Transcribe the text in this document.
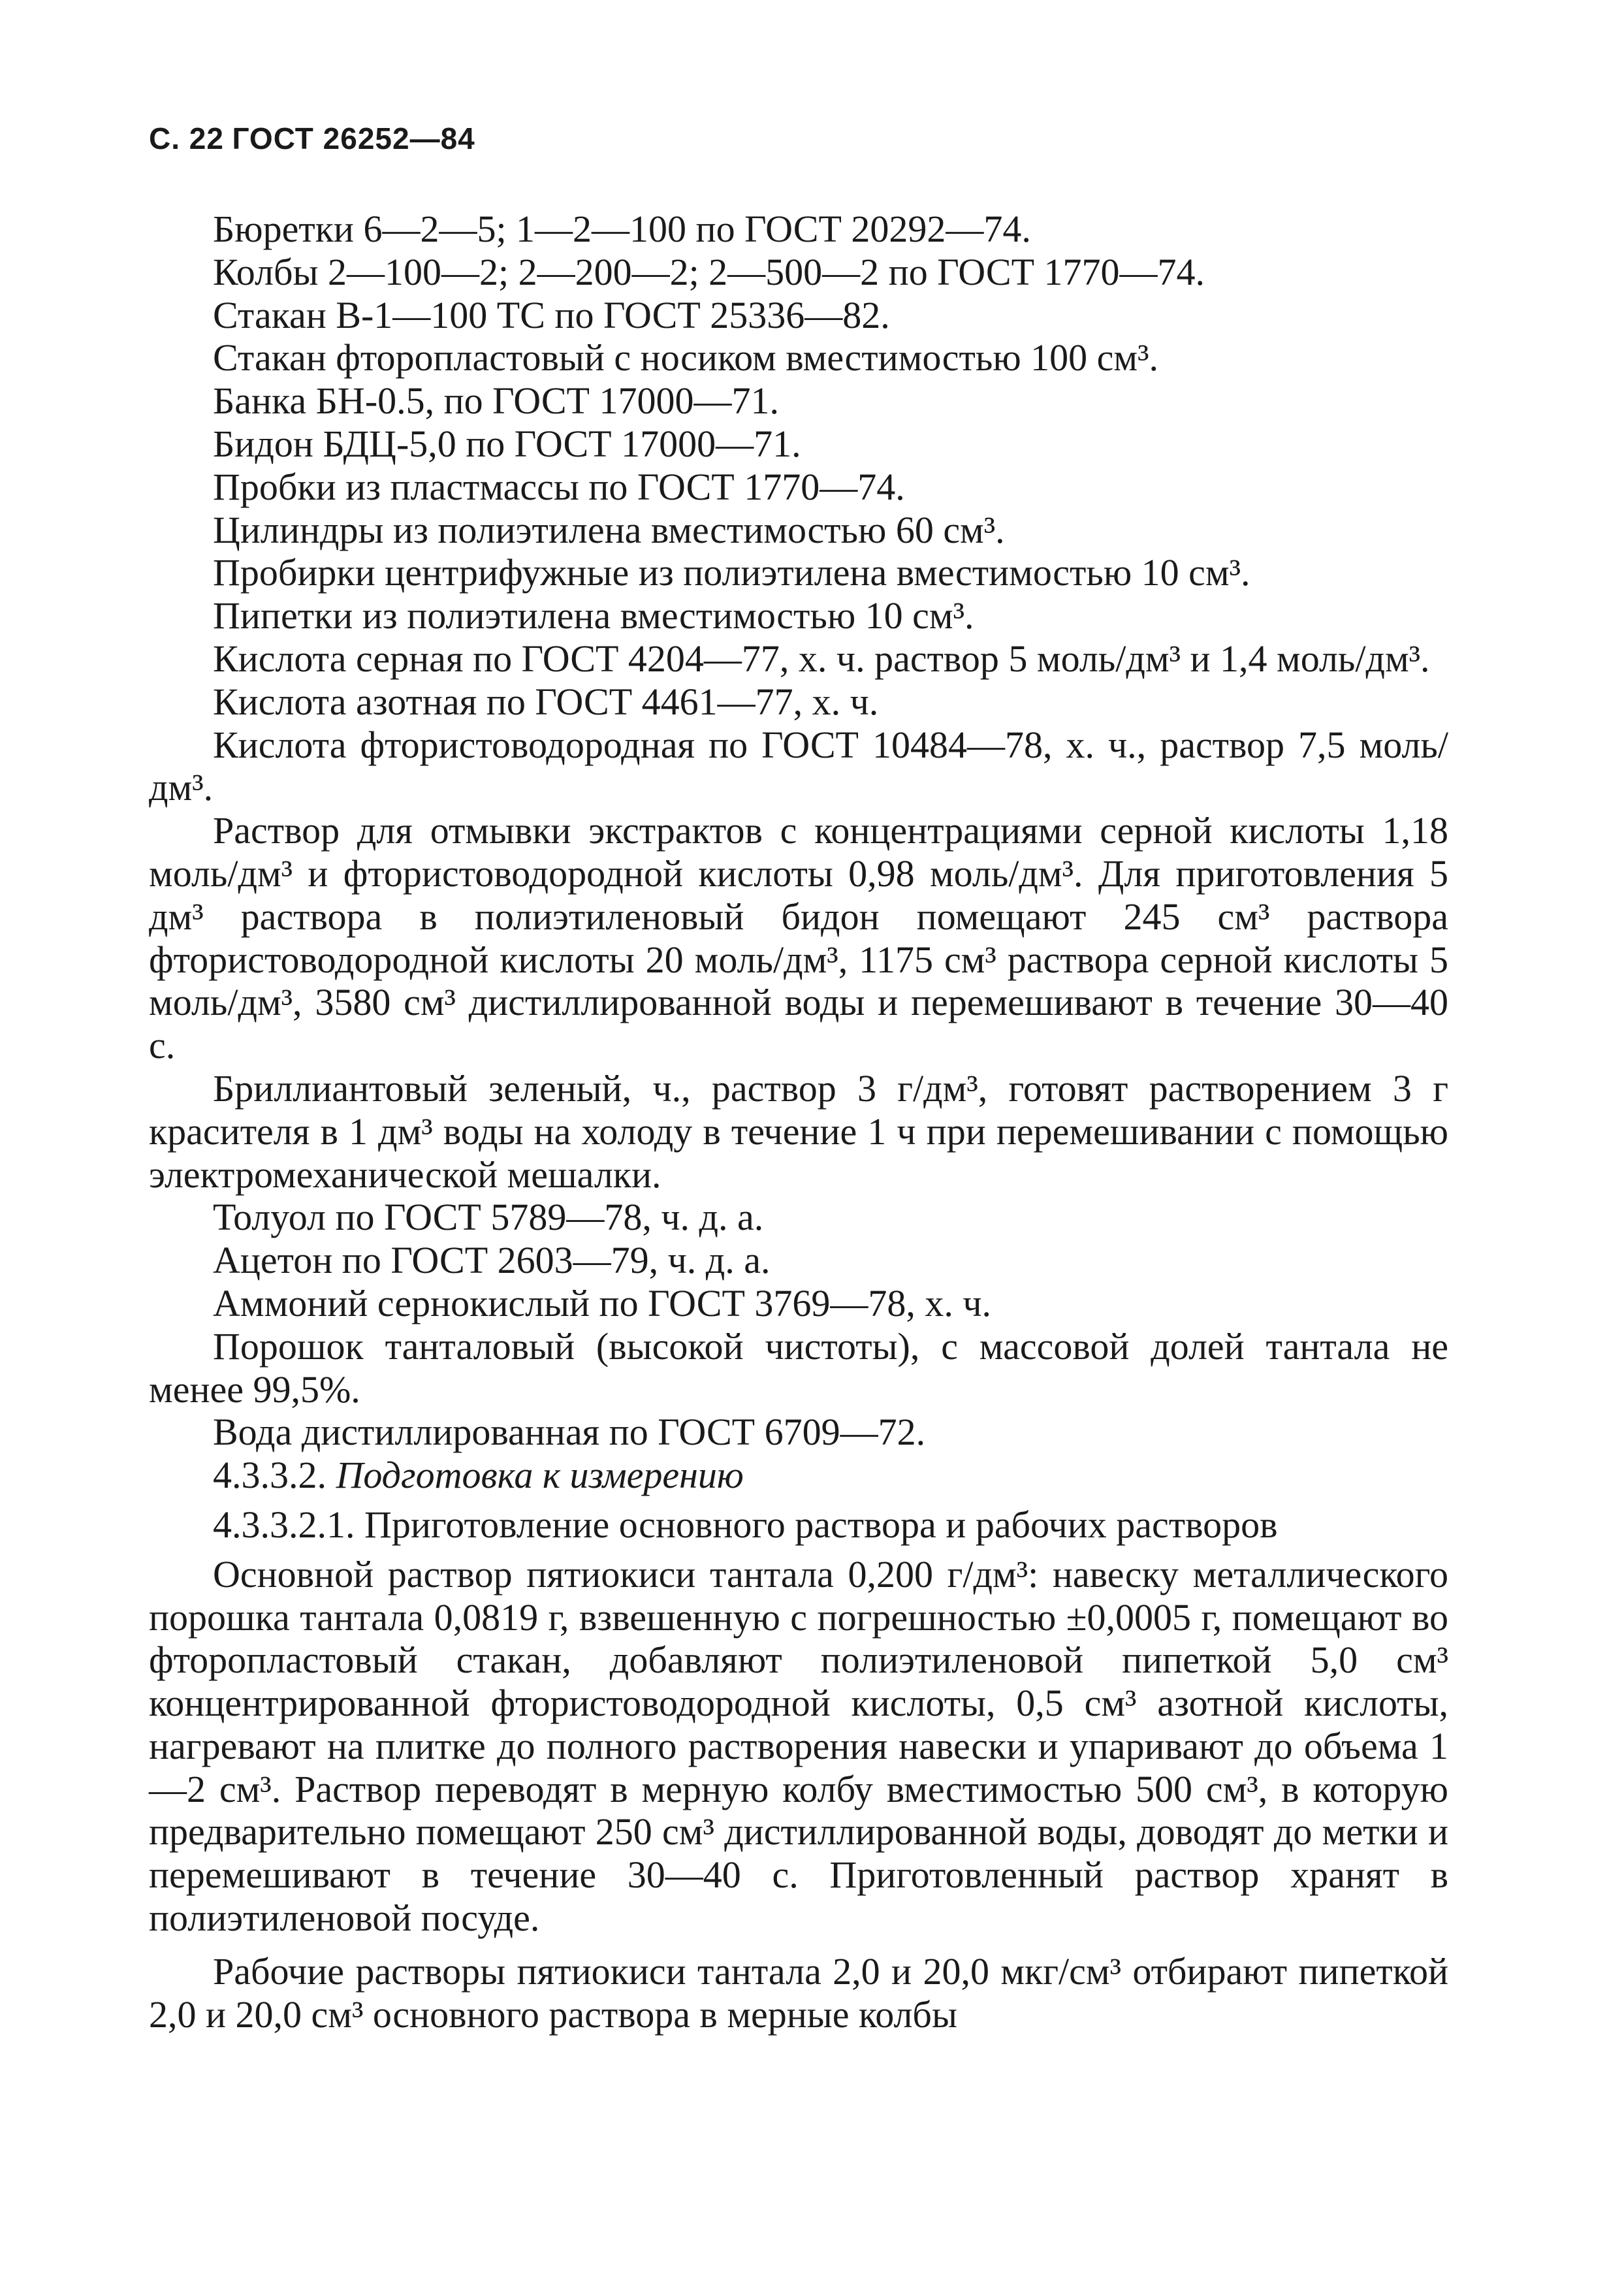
С. 22 ГОСТ 26252—84

Бюретки 6—2—5; 1—2—100 по ГОСТ 20292—74.

Колбы 2—100—2; 2—200—2; 2—500—2 по ГОСТ 1770—74.

Стакан В-1—100 ТС по ГОСТ 25336—82.

Стакан фторопластовый с носиком вместимостью 100 см³.

Банка БН-0.5, по ГОСТ 17000—71.

Бидон БДЦ-5,0 по ГОСТ 17000—71.

Пробки из пластмассы по ГОСТ 1770—74.

Цилиндры из полиэтилена вместимостью 60 см³.

Пробирки центрифужные из полиэтилена вместимостью 10 см³.

Пипетки из полиэтилена вместимостью 10 см³.

Кислота серная по ГОСТ 4204—77, х. ч. раствор 5 моль/дм³ и 1,4 моль/дм³.

Кислота азотная по ГОСТ 4461—77, х. ч.

Кислота фтористоводородная по ГОСТ 10484—78, х. ч., раствор 7,5 моль/дм³.

Раствор для отмывки экстрактов с концентрациями серной кислоты 1,18 моль/дм³ и фтористоводородной кислоты 0,98 моль/дм³. Для приготовления 5 дм³ раствора в полиэтиленовый бидон помещают 245 см³ раствора фтористоводородной кислоты 20 моль/дм³, 1175 см³ раствора серной кислоты 5 моль/дм³, 3580 см³ дистиллированной воды и перемешивают в течение 30—40 с.

Бриллиантовый зеленый, ч., раствор 3 г/дм³, готовят растворением 3 г красителя в 1 дм³ воды на холоду в течение 1 ч при перемешивании с помощью электромеханической мешалки.

Толуол по ГОСТ 5789—78, ч. д. а.

Ацетон по ГОСТ 2603—79, ч. д. а.

Аммоний сернокислый по ГОСТ 3769—78, х. ч.

Порошок танталовый (высокой чистоты), с массовой долей тантала не менее 99,5%.

Вода дистиллированная по ГОСТ 6709—72.

4.3.3.2. Подготовка к измерению

4.3.3.2.1. Приготовление основного раствора и рабочих растворов

Основной раствор пятиокиси тантала 0,200 г/дм³: навеску металлического порошка тантала 0,0819 г, взвешенную с погрешностью ±0,0005 г, помещают во фторопластовый стакан, добавляют полиэтиленовой пипеткой 5,0 см³ концентрированной фтористоводородной кислоты, 0,5 см³ азотной кислоты, нагревают на плитке до полного растворения навески и упаривают до объема 1—2 см³. Раствор переводят в мерную колбу вместимостью 500 см³, в которую предварительно помещают 250 см³ дистиллированной воды, доводят до метки и перемешивают в течение 30—40 с. Приготовленный раствор хранят в полиэтиленовой посуде.

Рабочие растворы пятиокиси тантала 2,0 и 20,0 мкг/см³ отбирают пипеткой 2,0 и 20,0 см³ основного раствора в мерные колбы
